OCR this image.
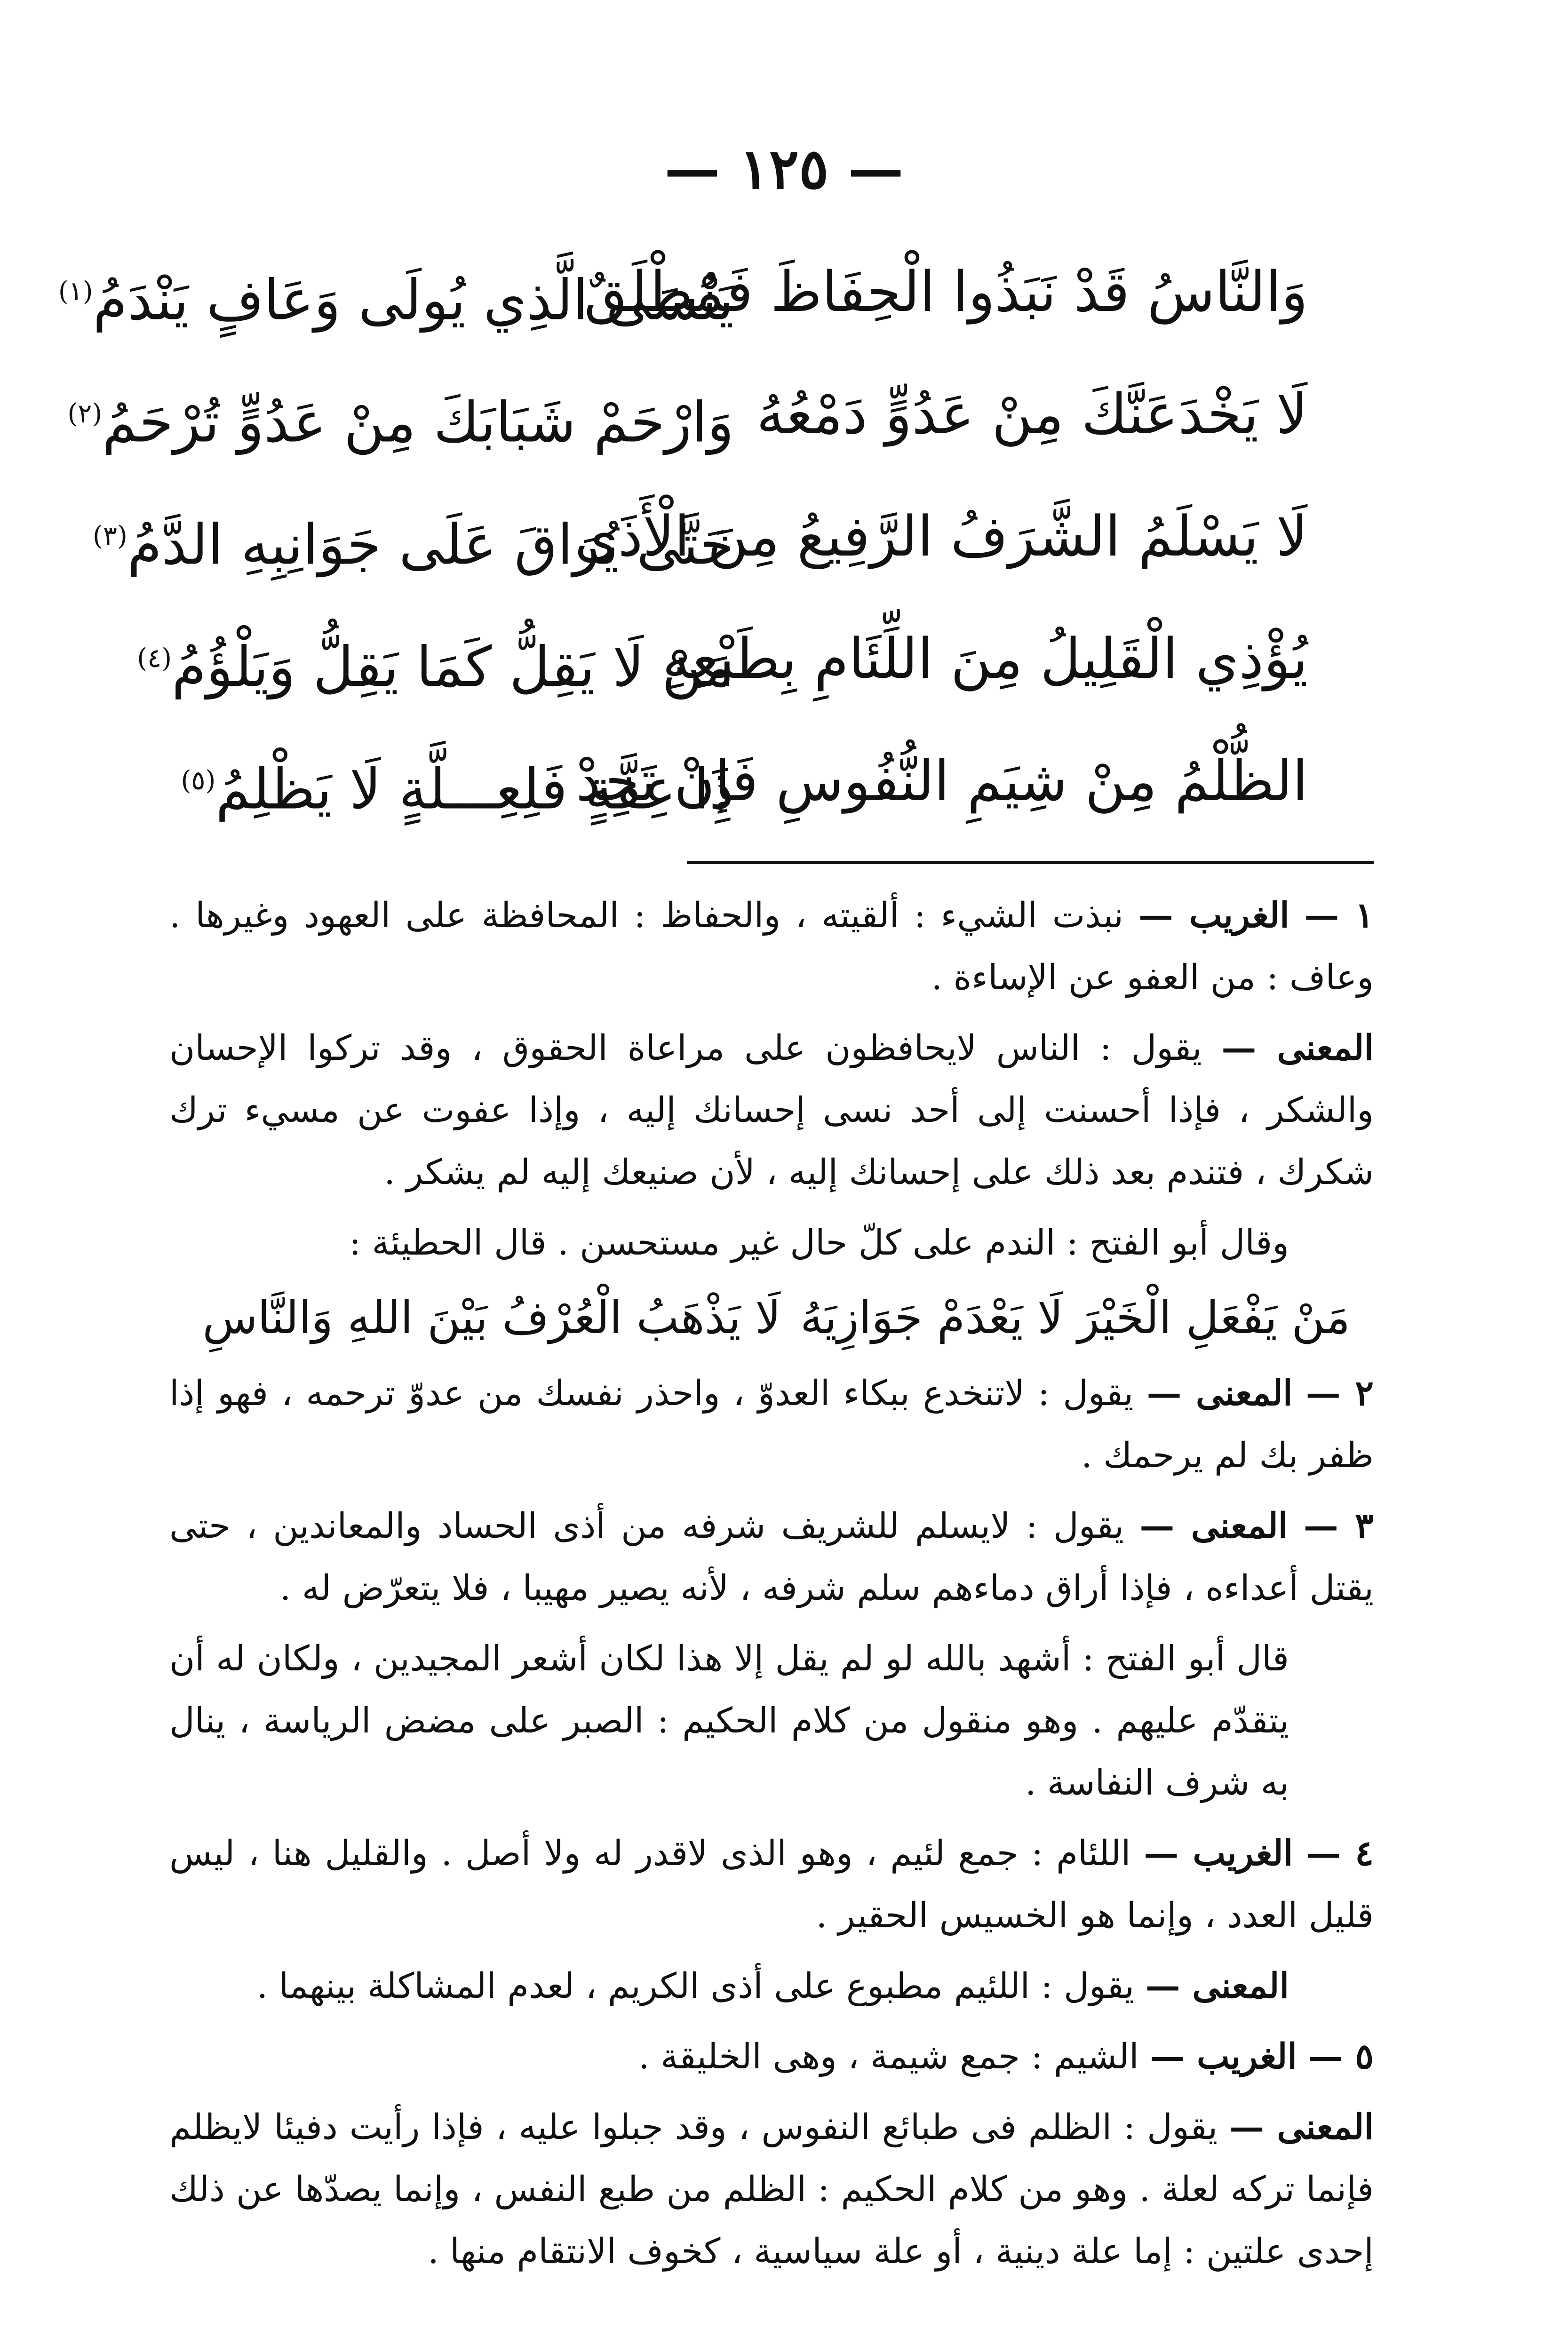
— ١٢٥ —
وَالنَّاسُ قَدْ نَبَذُوا الْحِفَاظَ فَمُطْلَقٌ
يَنْسَى الَّذِي يُولَى وَعَافٍ يَنْدَمُ$^{(١)}$
لَا يَخْدَعَنَّكَ مِنْ عَدُوٍّ دَمْعُهُ
وَارْحَمْ شَبَابَكَ مِنْ عَدُوٍّ تُرْحَمُ$^{(٢)}$
لَا يَسْلَمُ الشَّرَفُ الرَّفِيعُ مِنَ الْأَذَى
حَتَّى يُرَاقَ عَلَى جَوَانِبِهِ الدَّمُ$^{(٣)}$
يُؤْذِي الْقَلِيلُ مِنَ اللِّئَامِ بِطَبْعِهِ
مَنْ لَا يَقِلُّ كَمَا يَقِلُّ وَيَلْؤُمُ$^{(٤)}$
الظُّلْمُ مِنْ شِيَمِ النُّفُوسِ فَإِنْ تَجِدْ
ذَا عِفَّةٍ فَلِعِـــلَّةٍ لَا يَظْلِمُ$^{(٥)}$
١ — الغريب — نبذت الشيء : ألقيته ، والحفاظ : المحافظة على العهود وغيرها . وعاف : من العفو عن الإساءة .
المعنى — يقول : الناس لايحافظون على مراعاة الحقوق ، وقد تركوا الإحسان والشكر ، فإذا أحسنت إلى أحد نسى إحسانك إليه ، وإذا عفوت عن مسيء ترك شكرك ، فتندم بعد ذلك على إحسانك إليه ، لأن صنيعك إليه لم يشكر .
وقال أبو الفتح : الندم على كلّ حال غير مستحسن . قال الحطيئة :
مَنْ يَفْعَلِ الْخَيْرَ لَا يَعْدَمْ جَوَازِيَهُ
لَا يَذْهَبُ الْعُرْفُ بَيْنَ اللهِ وَالنَّاسِ
٢ — المعنى — يقول : لاتنخدع ببكاء العدوّ ، واحذر نفسك من عدوّ ترحمه ، فهو إذا ظفر بك لم يرحمك .
٣ — المعنى — يقول : لايسلم للشريف شرفه من أذى الحساد والمعاندين ، حتى يقتل أعداءه ، فإذا أراق دماءهم سلم شرفه ، لأنه يصير مهيبا ، فلا يتعرّض له .
قال أبو الفتح : أشهد بالله لو لم يقل إلا هذا لكان أشعر المجيدين ، ولكان له أن يتقدّم عليهم . وهو منقول من كلام الحكيم : الصبر على مضض الرياسة ، ينال به شرف النفاسة .
٤ — الغريب — اللئام : جمع لئيم ، وهو الذى لاقدر له ولا أصل . والقليل هنا ، ليس قليل العدد ، وإنما هو الخسيس الحقير .
المعنى — يقول : اللئيم مطبوع على أذى الكريم ، لعدم المشاكلة بينهما .
٥ — الغريب — الشيم : جمع شيمة ، وهى الخليقة .
المعنى — يقول : الظلم فى طبائع النفوس ، وقد جبلوا عليه ، فإذا رأيت دفيئا لايظلم فإنما تركه لعلة . وهو من كلام الحكيم : الظلم من طبع النفس ، وإنما يصدّها عن ذلك إحدى علتين : إما علة دينية ، أو علة سياسية ، كخوف الانتقام منها .
